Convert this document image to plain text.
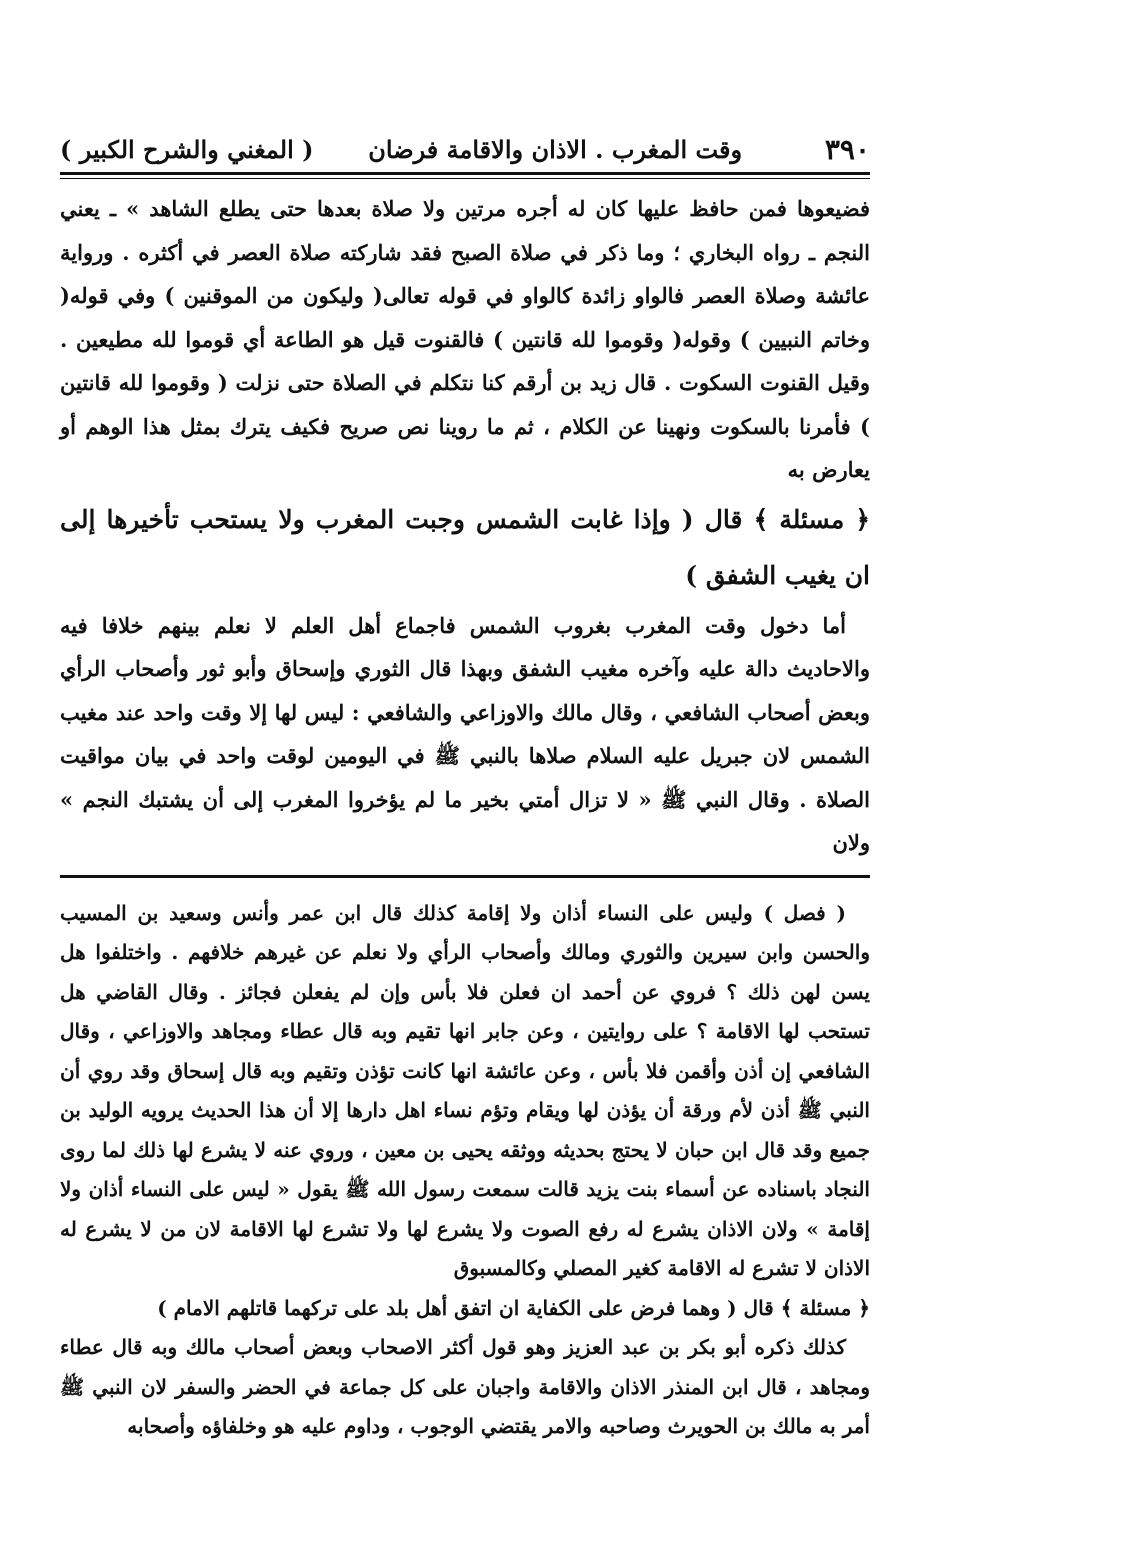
٣٩٠
وقت المغرب . الاذان والاقامة فرضان
( المغني والشرح الكبير )

فضيعوها فمن حافظ عليها كان له أجره مرتين ولا صلاة بعدها حتى يطلع الشاهد » ـ يعني النجم ـ رواه البخاري ؛ وما ذكر في صلاة الصبح فقد شاركته صلاة العصر في أكثره . ورواية عائشة وصلاة العصر فالواو زائدة كالواو في قوله تعالى( وليكون من الموقنين ) وفي قوله( وخاتم النبيين ) وقوله( وقوموا لله قانتين ) فالقنوت قيل هو الطاعة أي قوموا لله مطيعين . وقيل القنوت السكوت . قال زيد بن أرقم كنا نتكلم في الصلاة حتى نزلت ( وقوموا لله قانتين ) فأمرنا بالسكوت ونهينا عن الكلام ، ثم ما روينا نص صريح فكيف يترك بمثل هذا الوهم أو يعارض به

﴿ مسئلة ﴾ قال ( وإذا غابت الشمس وجبت المغرب ولا يستحب تأخيرها إلى ان يغيب الشفق )

أما دخول وقت المغرب بغروب الشمس فاجماع أهل العلم لا نعلم بينهم خلافا فيه والاحاديث دالة عليه وآخره مغيب الشفق وبهذا قال الثوري وإسحاق وأبو ثور وأصحاب الرأي وبعض أصحاب الشافعي ، وقال مالك والاوزاعي والشافعي : ليس لها إلا وقت واحد عند مغيب الشمس لان جبريل عليه السلام صلاها بالنبي ﷺ في اليومين لوقت واحد في بيان مواقيت الصلاة . وقال النبي ﷺ « لا تزال أمتي بخير ما لم يؤخروا المغرب إلى أن يشتبك النجم » ولان

( فصل ) وليس على النساء أذان ولا إقامة كذلك قال ابن عمر وأنس وسعيد بن المسيب والحسن وابن سيرين والثوري ومالك وأصحاب الرأي ولا نعلم عن غيرهم خلافهم . واختلفوا هل يسن لهن ذلك ؟ فروي عن أحمد ان فعلن فلا بأس وإن لم يفعلن فجائز . وقال القاضي هل تستحب لها الاقامة ؟ على روايتين ، وعن جابر انها تقيم وبه قال عطاء ومجاهد والاوزاعي ، وقال الشافعي إن أذن وأقمن فلا بأس ، وعن عائشة انها كانت تؤذن وتقيم وبه قال إسحاق وقد روي أن النبي ﷺ أذن لأم ورقة أن يؤذن لها ويقام وتؤم نساء اهل دارها إلا أن هذا الحديث يرويه الوليد بن جميع وقد قال ابن حبان لا يحتج بحديثه ووثقه يحيى بن معين ، وروي عنه لا يشرع لها ذلك لما روى النجاد باسناده عن أسماء بنت يزيد قالت سمعت رسول الله ﷺ يقول « ليس على النساء أذان ولا إقامة » ولان الاذان يشرع له رفع الصوت ولا يشرع لها ولا تشرع لها الاقامة لان من لا يشرع له الاذان لا تشرع له الاقامة كغير المصلي وكالمسبوق

﴿ مسئلة ﴾ قال ( وهما فرض على الكفاية ان اتفق أهل بلد على تركهما قاتلهم الامام )

كذلك ذكره أبو بكر بن عبد العزيز وهو قول أكثر الاصحاب وبعض أصحاب مالك وبه قال عطاء ومجاهد ، قال ابن المنذر الاذان والاقامة واجبان على كل جماعة في الحضر والسفر لان النبي ﷺ أمر به مالك بن الحويرث وصاحبه والامر يقتضي الوجوب ، وداوم عليه هو وخلفاؤه وأصحابه
